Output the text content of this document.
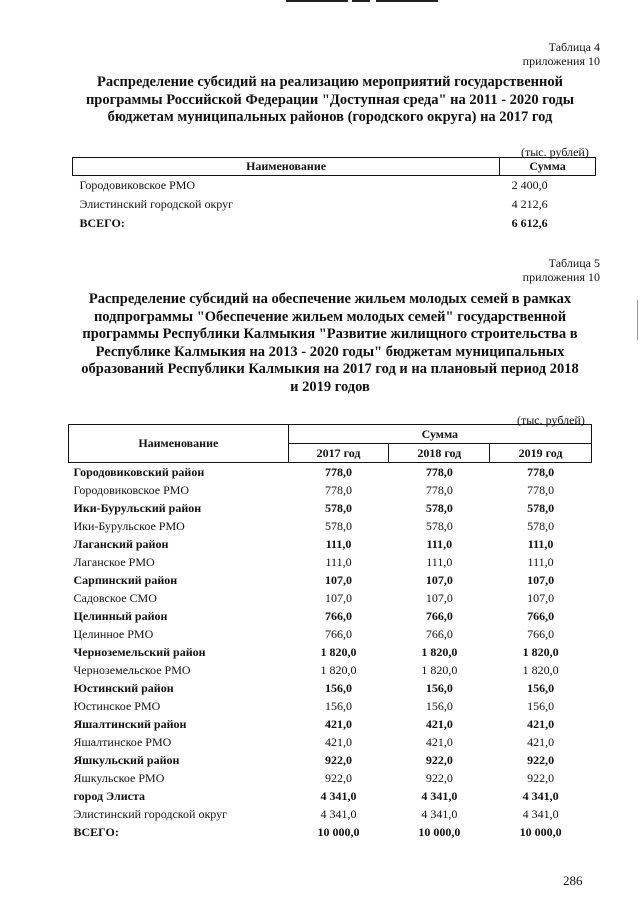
Таблица 4
приложения 10
Распределение субсидий на реализацию мероприятий государственной
программы Российской Федерации "Доступная среда" на 2011 - 2020 годы
бюджетам муниципальных районов (городского округа) на 2017 год
(тыс. рублей)
Наименование	Сумма
Городовиковское РМО	2 400,0
Элистинский городской округ	4 212,6
ВСЕГО:	6 612,6
Таблица 5
приложения 10
Распределение субсидий на обеспечение жильем молодых семей в рамках
подпрограммы "Обеспечение жильем молодых семей" государственной
программы Республики Калмыкия "Развитие жилищного строительства в
Республике Калмыкия на 2013 - 2020 годы" бюджетам муниципальных
образований Республики Калмыкия на 2017 год и на плановый период 2018
и 2019 годов
(тыс. рублей)
Наименование	Сумма		
	2017 год	2018 год	2019 год
Городовиковский район	778,0	778,0	778,0
Городовиковское РМО	778,0	778,0	778,0
Ики-Бурульский район	578,0	578,0	578,0
Ики-Бурульское РМО	578,0	578,0	578,0
Лаганский район	111,0	111,0	111,0
Лаганское РМО	111,0	111,0	111,0
Сарпинский район	107,0	107,0	107,0
Садовское СМО	107,0	107,0	107,0
Целинный район	766,0	766,0	766,0
Целинное РМО	766,0	766,0	766,0
Черноземельский район	1 820,0	1 820,0	1 820,0
Черноземельское РМО	1 820,0	1 820,0	1 820,0
Юстинский район	156,0	156,0	156,0
Юстинское РМО	156,0	156,0	156,0
Яшалтинский район	421,0	421,0	421,0
Яшалтинское РМО	421,0	421,0	421,0
Яшкульский район	922,0	922,0	922,0
Яшкульское РМО	922,0	922,0	922,0
город Элиста	4 341,0	4 341,0	4 341,0
Элистинский городской округ	4 341,0	4 341,0	4 341,0
ВСЕГО:	10 000,0	10 000,0	10 000,0
286
